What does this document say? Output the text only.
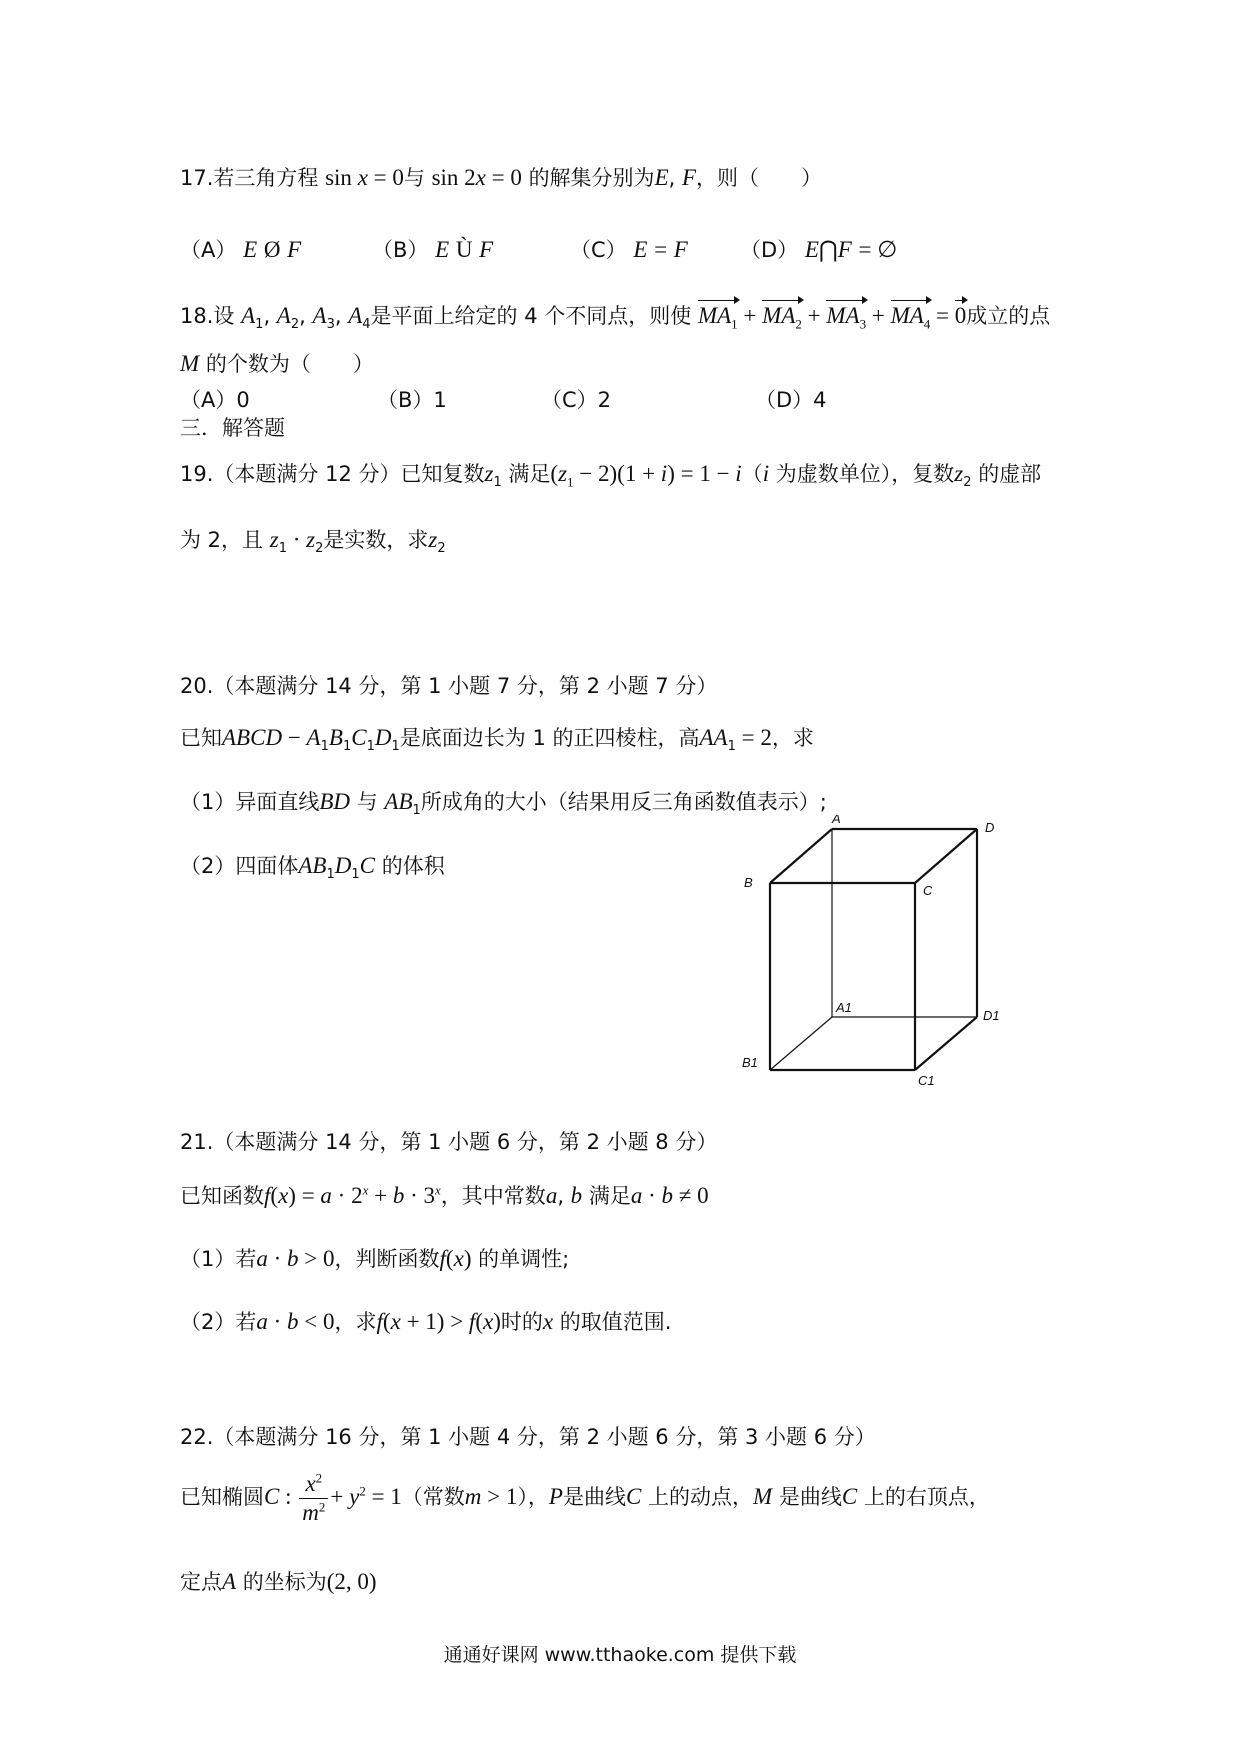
17.若三角方程 sin x = 0与 sin 2x = 0 的解集分别为E, F，则（　　）
（A） E Ø F	（B） E Ù F	（C） E = F （D） E⋂F = ∅
18.设 $A_1$, $A_2$, $A_3$, $A_4$是平面上给定的 4 个不同点，则使 $MA_1 + MA_2 + MA_3 + MA_4 = 0$成立的点
M 的个数为（　　）
（A）0	（B）1	（C）2	（D）4
三．解答题
19.（本题满分 12 分）已知复数$z_1$ 满足$(z_1 - 2)(1 + i) = 1 - i(i$ 为虚数单位），复数$z_2$ 的虚部
为 2，且 $z_1 \cdot z_2$是实数，求$z_2$
20.（本题满分 14 分，第 1 小题 7 分，第 2 小题 7 分）
已知ABCD − $A_1B_1C_1D_1$是底面边长为 1 的正四棱柱，高$AA_1 = 2$，求
（1）异面直线BD 与 $AB_1$所成角的大小（结果用反三角函数值表示）;
（2）四面体$AB_1D_1C$ 的体积
A
D
B
C
A1
D1
B1
C1
21.（本题满分 14 分，第 1 小题 6 分，第 2 小题 8 分）
已知函数$f(x) = a \cdot 2^x + b \cdot 3^x$，其中常数a, b 满足a · b ≠ 0
（1）若a · b > 0，判断函数f(x) 的单调性;
（2）若a · b < 0，求f(x + 1) > f(x)时的x 的取值范围.
22.（本题满分 16 分，第 1 小题 4 分，第 2 小题 6 分，第 3 小题 6 分）
已知椭圆C : $\frac{x^2}{m^2} + y^2 = 1$（常数m > 1），P是曲线C 上的动点，M 是曲线C 上的右顶点，
定点A 的坐标为(2, 0)
通通好课网 www.tthaoke.com 提供下载
